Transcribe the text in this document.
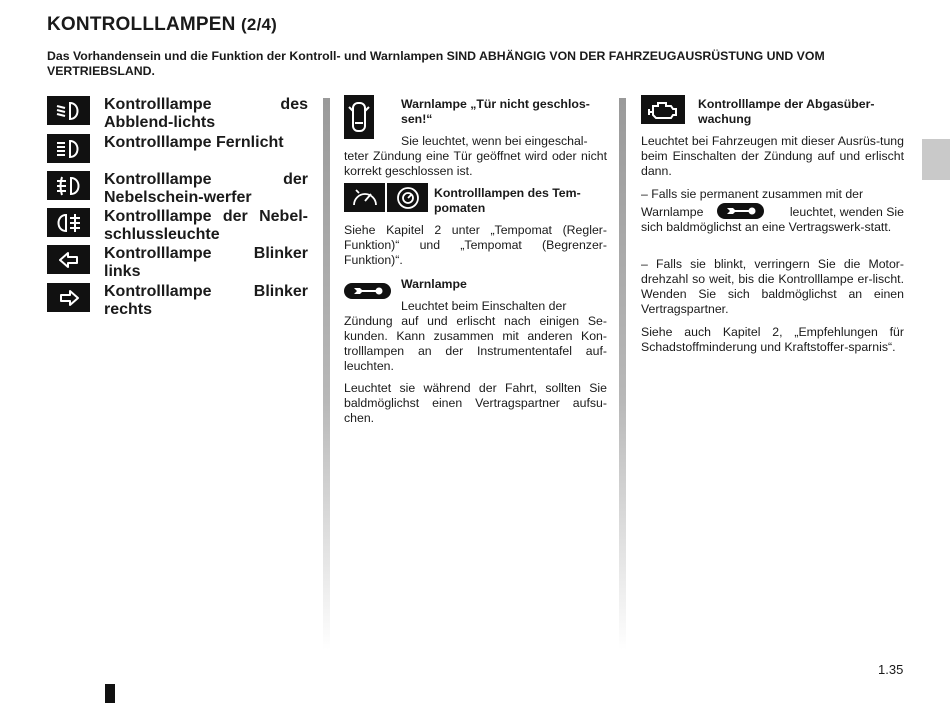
KONTROLLLAMPEN (2/4)
Das Vorhandensein und die Funktion der Kontroll- und Warnlampen SIND ABHÄNGIG VON DER FAHRZEUGAUSRÜSTUNG UND VOM VERTRIEBSLAND.
Kontrolllampe des Abblend-lichts
Kontrolllampe Fernlicht
Kontrolllampe der Nebelschein-werfer
Kontrolllampe der Nebel-schlussleuchte
Kontrolllampe Blinker links
Kontrolllampe Blinker rechts
Warnlampe „Tür nicht geschlos-sen!“
Sie leuchtet, wenn bei eingeschal-
teter Zündung eine Tür geöffnet wird oder nicht korrekt geschlossen ist.
Kontrolllampen des Tem-pomaten
Siehe Kapitel 2 unter „Tempomat (Regler-Funktion)“ und „Tempomat (Begrenzer-Funktion)“.
Warnlampe
Leuchtet beim Einschalten der
Zündung auf und erlischt nach einigen Se-kunden. Kann zusammen mit anderen Kon-trolllampen an der Instrumententafel auf-leuchten.
Leuchtet sie während der Fahrt, sollten Sie baldmöglichst einen Vertragspartner aufsu-chen.
Kontrolllampe der Abgasüber-wachung
Leuchtet bei Fahrzeugen mit dieser Ausrüs-tung beim Einschalten der Zündung auf und erlischt dann.
– Falls sie permanent zusammen mit der
Warnlampe	leuchtet, wenden Sie
sich baldmöglichst an eine Vertragswerk-statt.
– Falls sie blinkt, verringern Sie die Motor-drehzahl so weit, bis die Kontrolllampe er-lischt. Wenden Sie sich baldmöglichst an einen Vertragspartner.
Siehe auch Kapitel 2, „Empfehlungen für Schadstoffminderung und Kraftstoffer-sparnis“.
1.35
